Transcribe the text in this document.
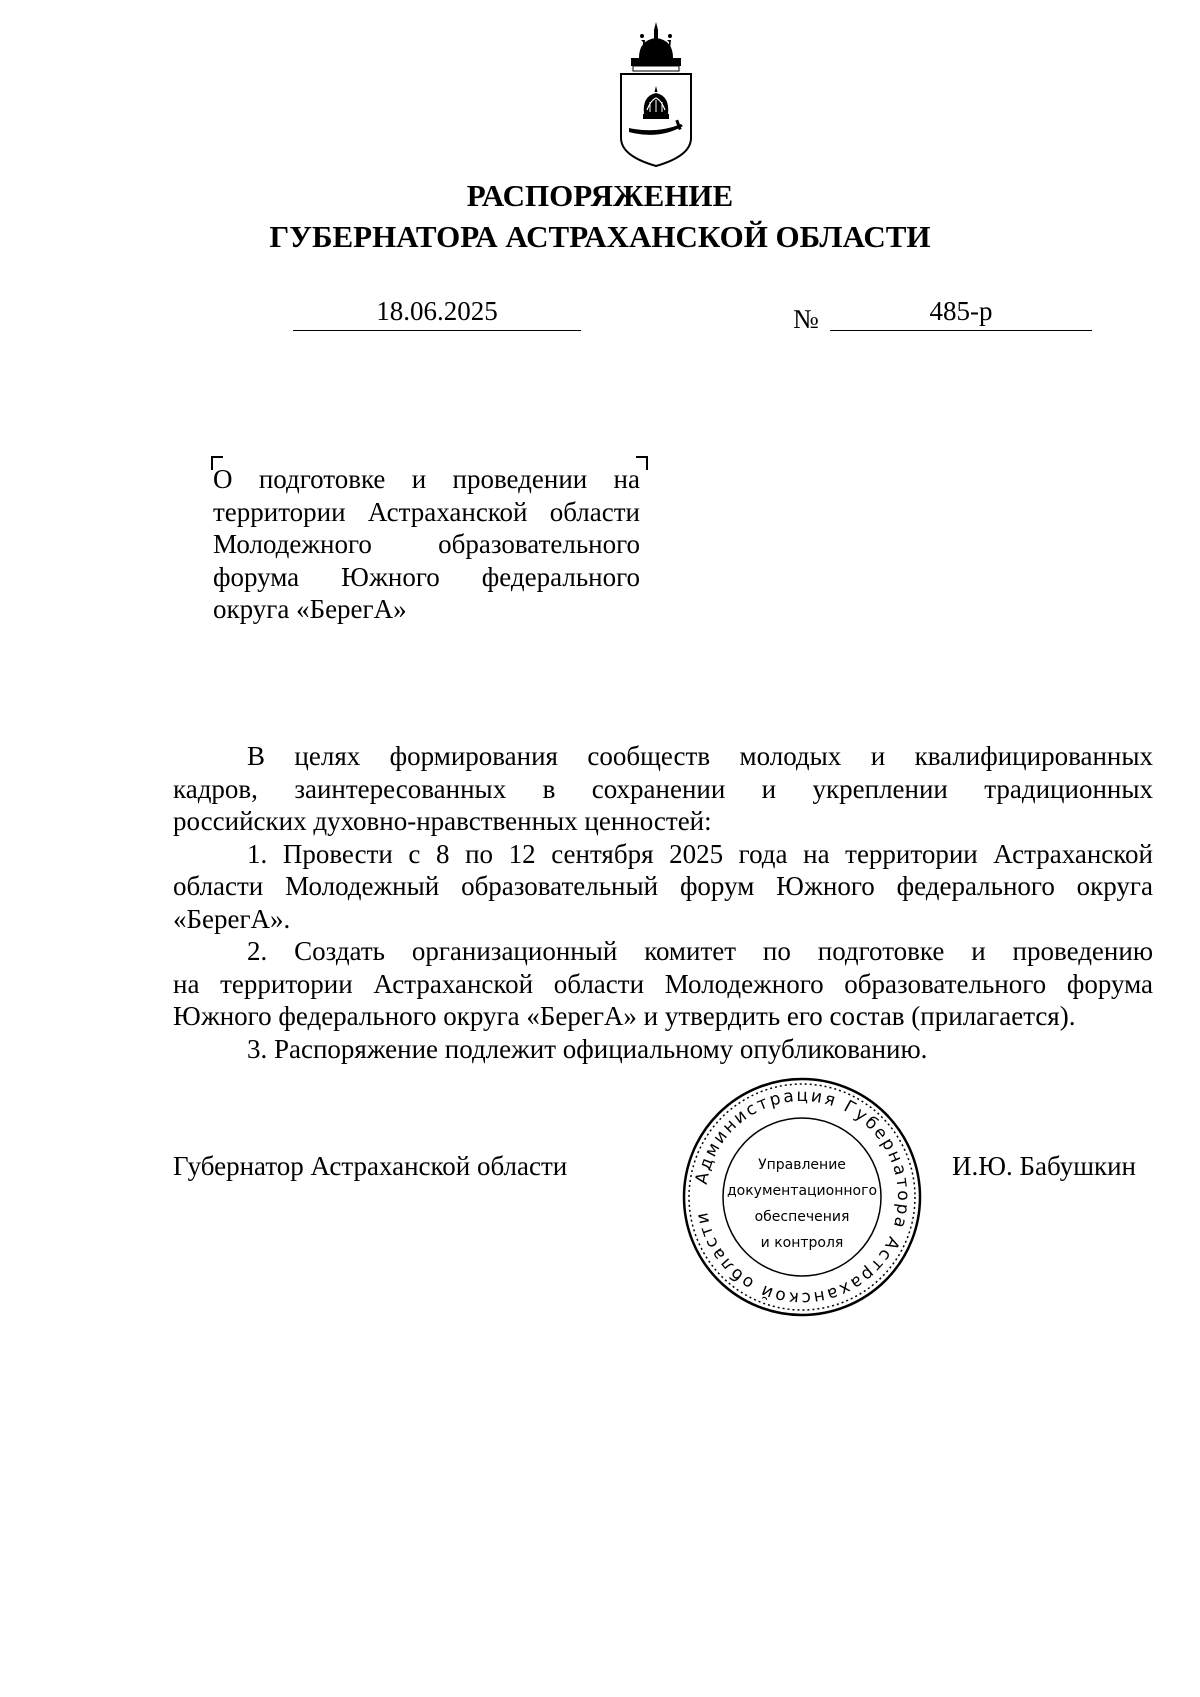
РАСПОРЯЖЕНИЕ
ГУБЕРНАТОРА АСТРАХАНСКОЙ ОБЛАСТИ
18.06.2025	№	485-р
О подготовке и проведении на
территории Астраханской области
Молодежного образовательного
форума Южного федерального
округа «БерегА»
В целях формирования сообществ молодых и квалифицированных
кадров, заинтересованных в сохранении и укреплении традиционных
российских духовно-нравственных ценностей:
1. Провести с 8 по 12 сентября 2025 года на территории Астраханской
области Молодежный образовательный форум Южного федерального округа
«БерегА».
2. Создать организационный комитет по подготовке и проведению
на территории Астраханской области Молодежного образовательного форума
Южного федерального округа «БерегА» и утвердить его состав (прилагается).
3. Распоряжение подлежит официальному опубликованию.
Губернатор Астраханской области	И.Ю. Бабушкин
Администрация Губернатора Астраханской области
Управление
документационного
обеспечения
и контроля
